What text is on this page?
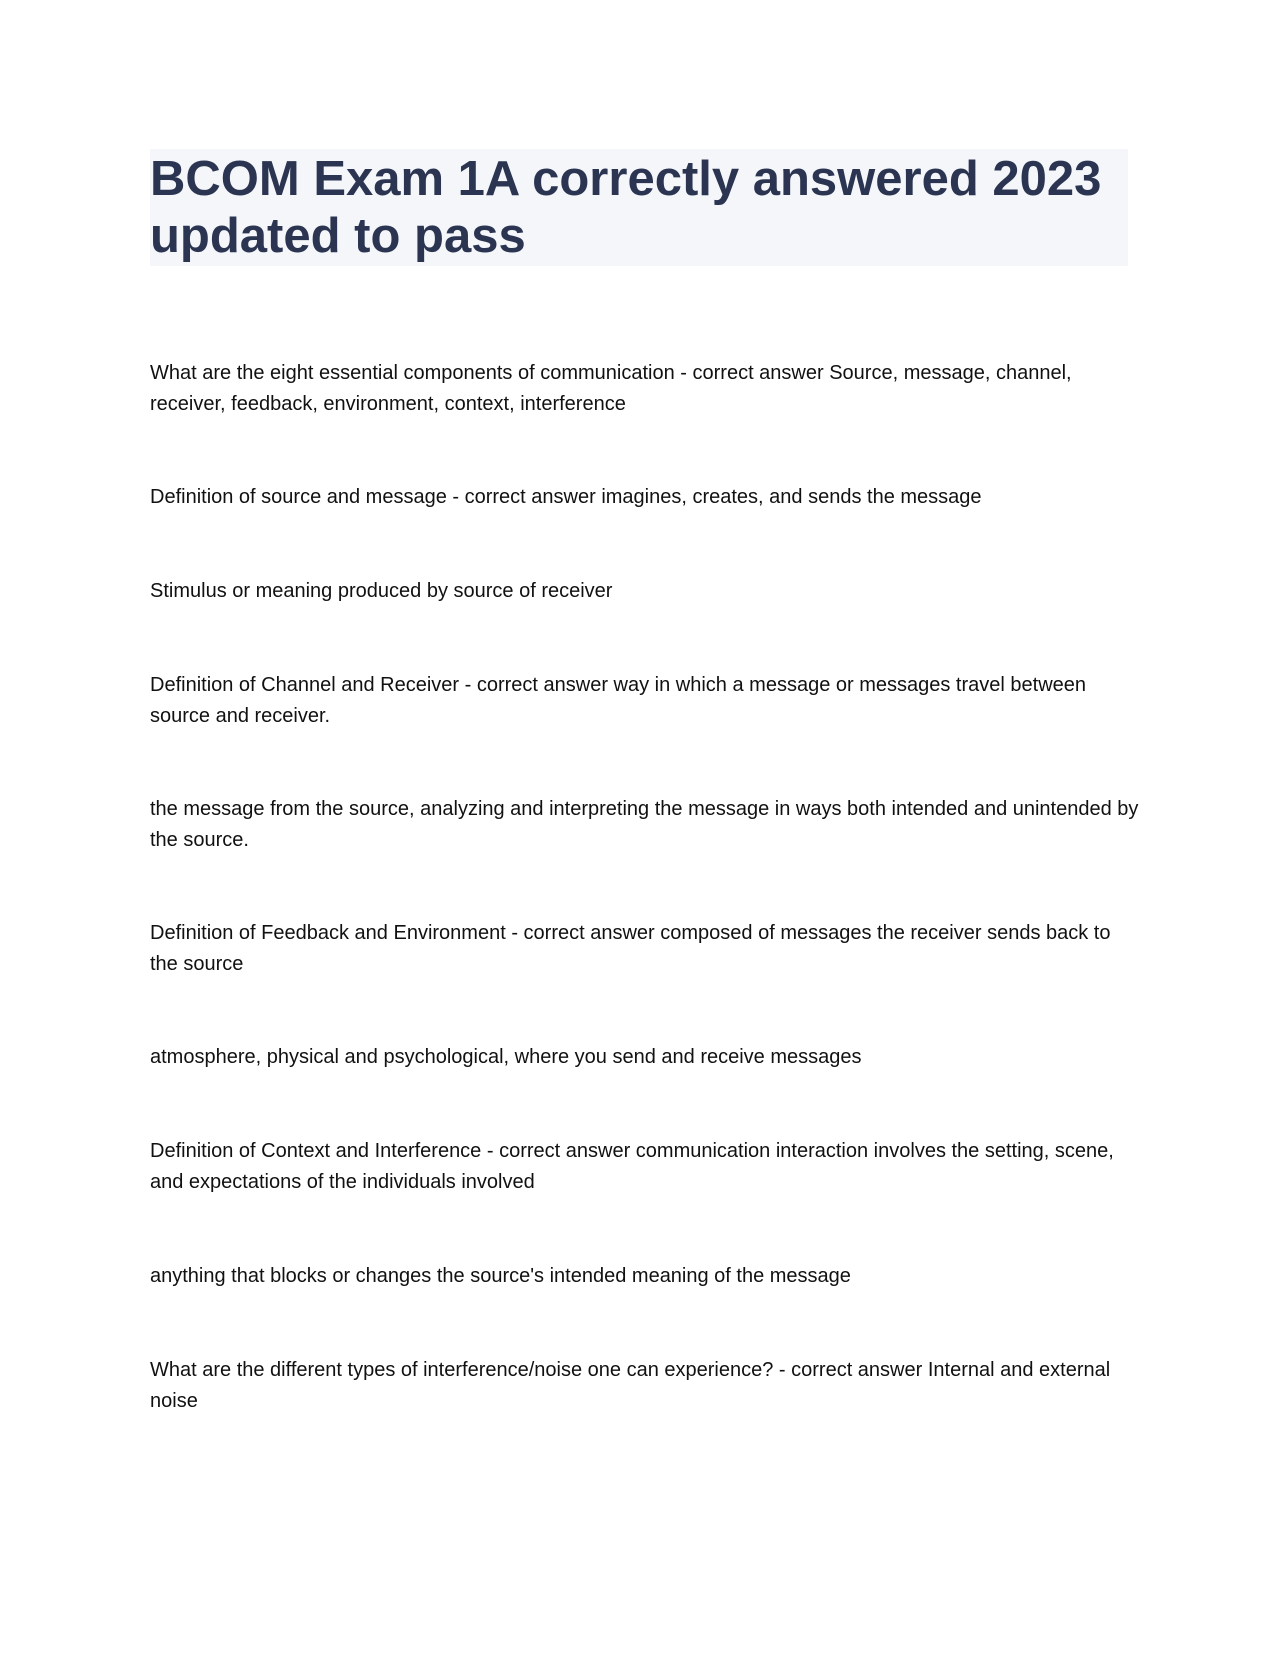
BCOM Exam 1A correctly answered 2023 updated to pass

What are the eight essential components of communication - correct answer Source, message, channel, receiver, feedback, environment, context, interference

Definition of source and message - correct answer imagines, creates, and sends the message

Stimulus or meaning produced by source of receiver

Definition of Channel and Receiver - correct answer way in which a message or messages travel between source and receiver.

the message from the source, analyzing and interpreting the message in ways both intended and unintended by the source.

Definition of Feedback and Environment - correct answer composed of messages the receiver sends back to the source

atmosphere, physical and psychological, where you send and receive messages

Definition of Context and Interference - correct answer communication interaction involves the setting, scene, and expectations of the individuals involved

anything that blocks or changes the source's intended meaning of the message

What are the different types of interference/noise one can experience? - correct answer Internal and external noise
